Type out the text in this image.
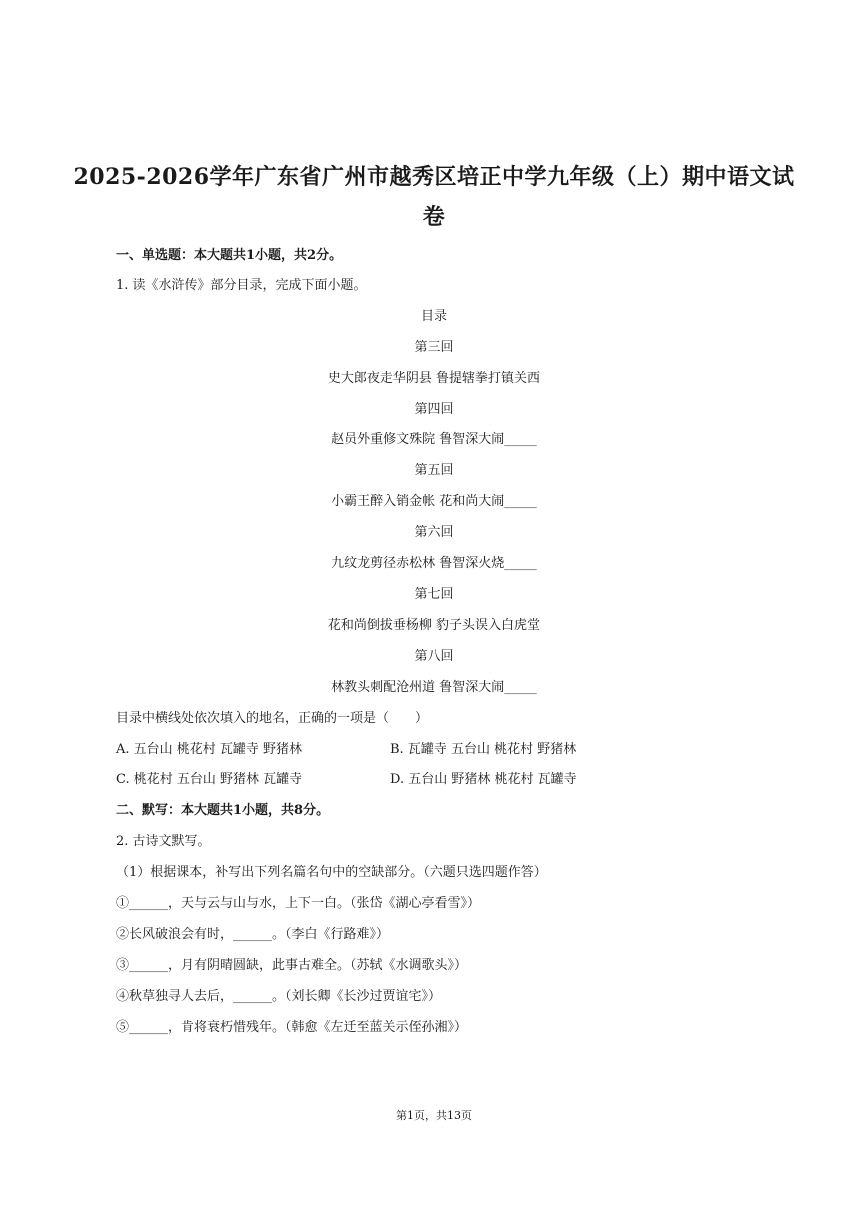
2025-2026学年广东省广州市越秀区培正中学九年级（上）期中语文试
卷
一、单选题：本大题共1小题，共2分。
1. 读《水浒传》部分目录，完成下面小题。
目录
第三回
史大郎夜走华阴县 鲁提辖拳打镇关西
第四回
赵员外重修文殊院 鲁智深大闹_____
第五回
小霸王醉入销金帐 花和尚大闹_____
第六回
九纹龙剪径赤松林 鲁智深火烧_____
第七回
花和尚倒拔垂杨柳 豹子头误入白虎堂
第八回
林教头刺配沧州道 鲁智深大闹_____
目录中横线处依次填入的地名，正确的一项是（　　）
A. 五台山 桃花村 瓦罐寺 野猪林	B. 瓦罐寺 五台山 桃花村 野猪林
C. 桃花村 五台山 野猪林 瓦罐寺	D. 五台山 野猪林 桃花村 瓦罐寺
二、默写：本大题共1小题，共8分。
2. 古诗文默写。
（1）根据课本，补写出下列名篇名句中的空缺部分。（六题只选四题作答）
①______，天与云与山与水，上下一白。（张岱《湖心亭看雪》）
②长风破浪会有时，______。（李白《行路难》）
③______，月有阴晴圆缺，此事古难全。（苏轼《水调歌头》）
④秋草独寻人去后，______。（刘长卿《长沙过贾谊宅》）
⑤______，肯将衰朽惜残年。（韩愈《左迁至蓝关示侄孙湘》）
第1页，共13页
